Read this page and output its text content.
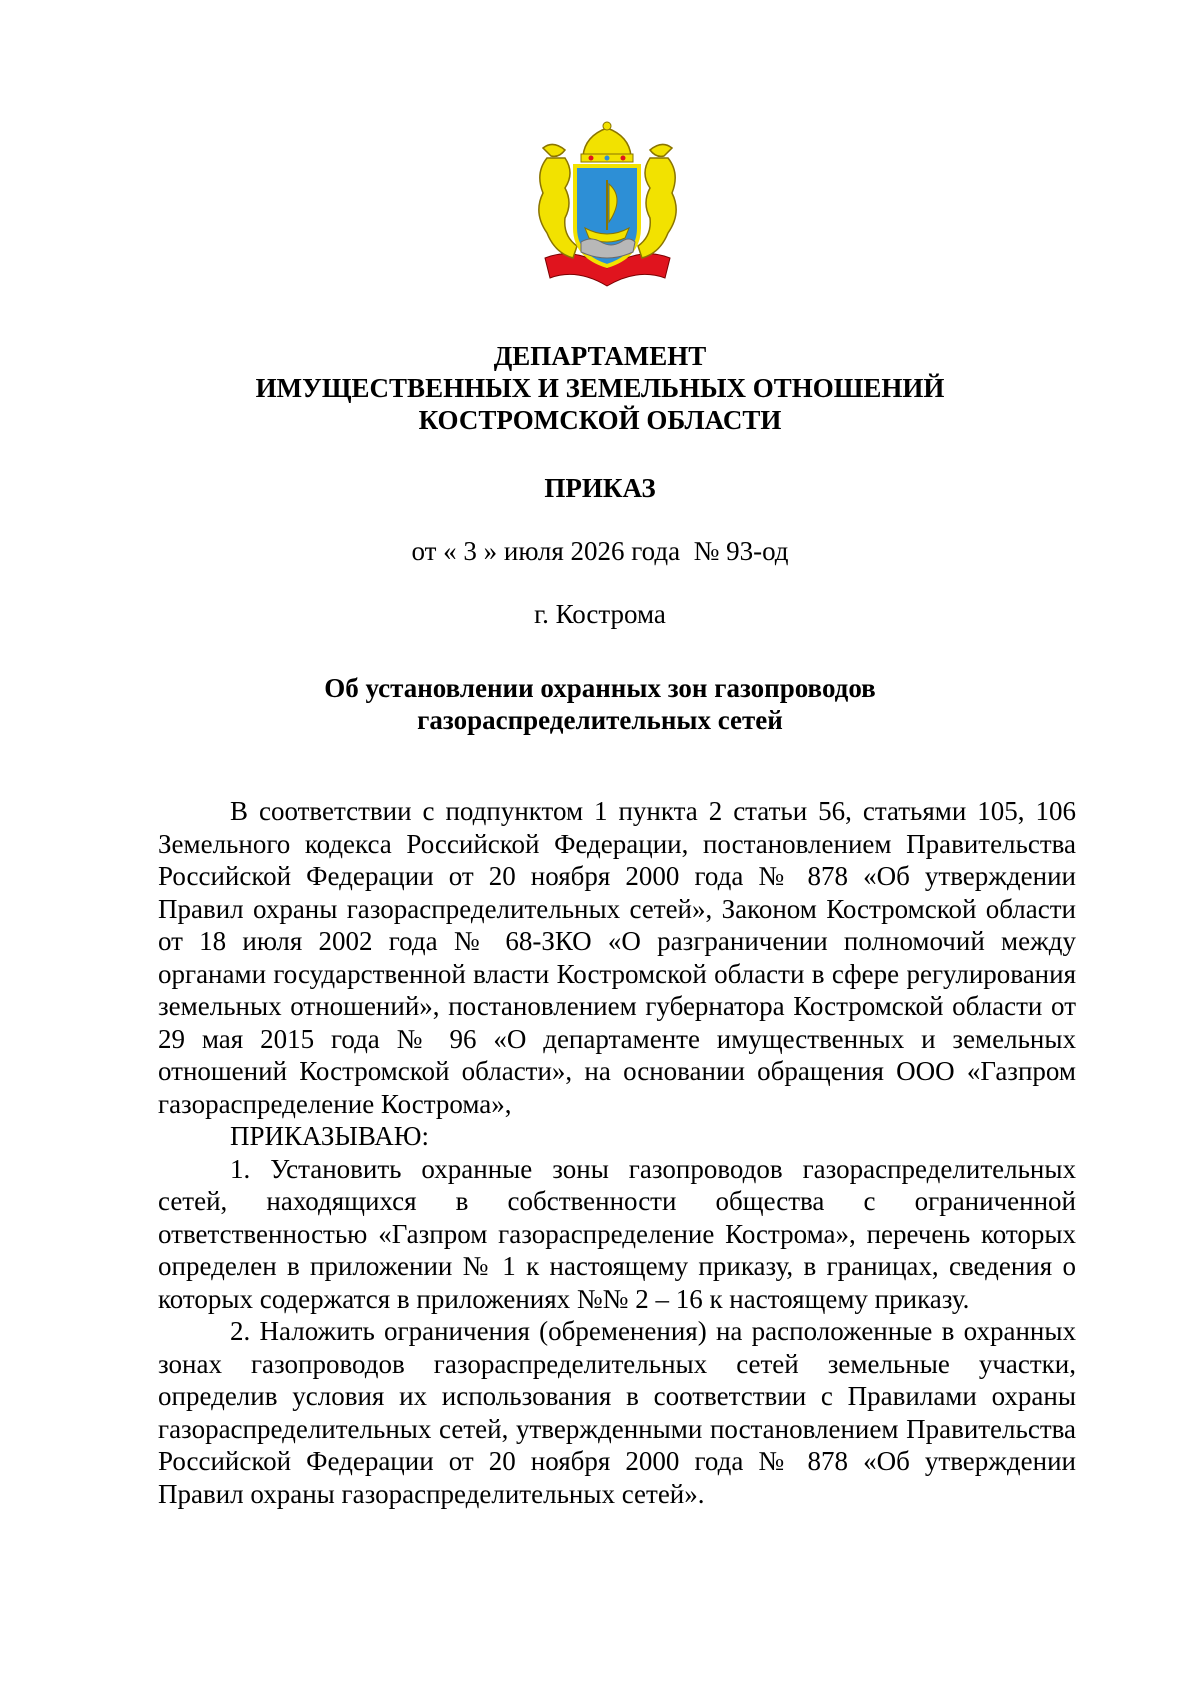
ДЕПАРТАМЕНТ
ИМУЩЕСТВЕННЫХ И ЗЕМЕЛЬНЫХ ОТНОШЕНИЙ
КОСТРОМСКОЙ ОБЛАСТИ
ПРИКАЗ
от « 3 » июля 2026 года  № 93-од
г. Кострома
Об установлении охранных зон газопроводов
газораспределительных сетей

В соответствии с подпунктом 1 пункта 2 статьи 56, статьями 105, 106 Земельного кодекса Российской Федерации, постановлением Правительства Российской Федерации от 20 ноября 2000 года № 878 «Об утверждении Правил охраны газораспределительных сетей», Законом Костромской области от 18 июля 2002 года № 68-ЗКО «О разграничении полномочий между органами государственной власти Костромской области в сфере регулирования земельных отношений», постановлением губернатора Костромской области от 29 мая 2015 года № 96 «О департаменте имущественных и земельных отношений Костромской области», на основании обращения ООО «Газпром газораспределение Кострома»,

ПРИКАЗЫВАЮ:

1. Установить охранные зоны газопроводов газораспределительных сетей, находящихся в собственности общества с ограниченной ответственностью «Газпром газораспределение Кострома», перечень которых определен в приложении № 1 к настоящему приказу, в границах, сведения о которых содержатся в приложениях №№ 2 – 16 к настоящему приказу.

2. Наложить ограничения (обременения) на расположенные в охранных зонах газопроводов газораспределительных сетей земельные участки, определив условия их использования в соответствии с Правилами охраны газораспределительных сетей, утвержденными постановлением Правительства Российской Федерации от 20 ноября 2000 года № 878 «Об утверждении Правил охраны газораспределительных сетей».
